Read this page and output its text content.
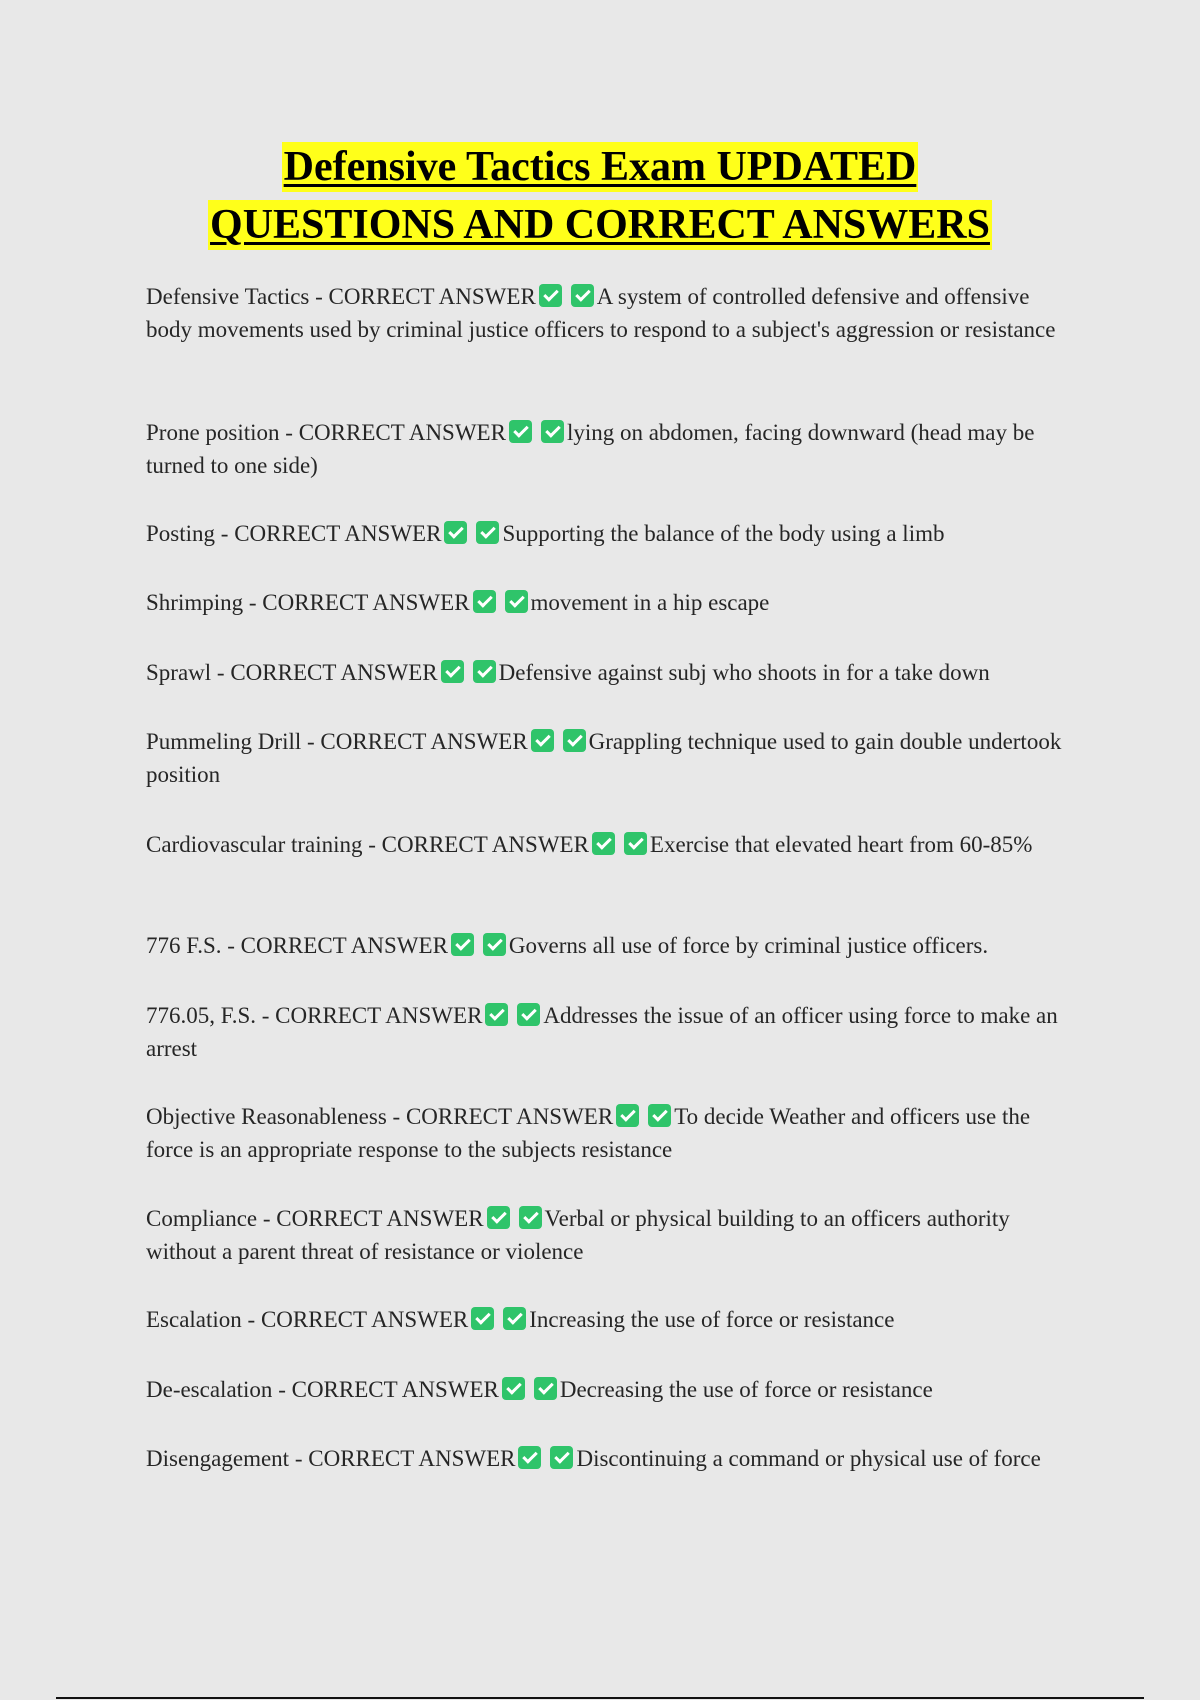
Defensive Tactics Exam UPDATED
QUESTIONS AND CORRECT ANSWERS
Defensive Tactics - CORRECT ANSWER	A system of controlled defensive and offensive body movements used by criminal justice officers to respond to a subject's aggression or resistance
Prone position - CORRECT ANSWER	lying on abdomen, facing downward (head may be turned to one side)
Posting - CORRECT ANSWER	Supporting the balance of the body using a limb
Shrimping - CORRECT ANSWER	movement in a hip escape
Sprawl - CORRECT ANSWER	Defensive against subj who shoots in for a take down
Pummeling Drill - CORRECT ANSWER	Grappling technique used to gain double undertook position
Cardiovascular training - CORRECT ANSWER	Exercise that elevated heart from 60-85%
776 F.S. - CORRECT ANSWER	Governs all use of force by criminal justice officers.
776.05, F.S. - CORRECT ANSWER	Addresses the issue of an officer using force to make an arrest
Objective Reasonableness - CORRECT ANSWER	To decide Weather and officers use the force is an appropriate response to the subjects resistance
Compliance - CORRECT ANSWER	Verbal or physical building to an officers authority without a parent threat of resistance or violence
Escalation - CORRECT ANSWER	Increasing the use of force or resistance
De-escalation - CORRECT ANSWER	Decreasing the use of force or resistance
Disengagement - CORRECT ANSWER	Discontinuing a command or physical use of force
